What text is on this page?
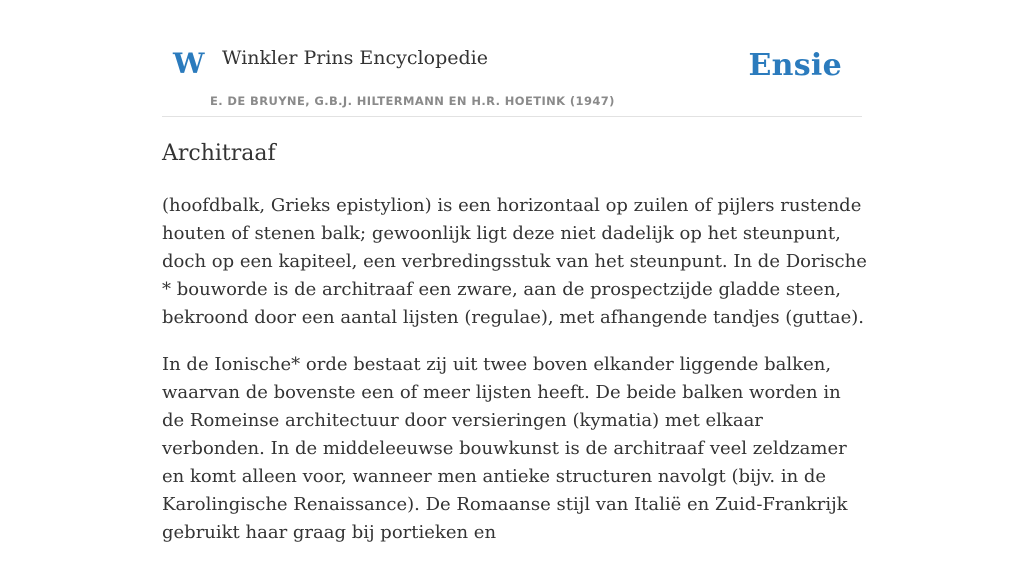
W Winkler Prins Encyclopedie
E. DE BRUYNE, G.B.J. HILTERMANN EN H.R. HOETINK (1947)
Ensie
Architraaf

(hoofdbalk, Grieks epistylion) is een horizontaal op zuilen of pijlers rustende houten of stenen balk; gewoonlijk ligt deze niet dadelijk op het steunpunt, doch op een kapiteel, een verbredingsstuk van het steunpunt. In de Dorische * bouworde is de architraaf een zware, aan de prospectzijde gladde steen, bekroond door een aantal lijsten (regulae), met afhangende tandjes (guttae).

In de Ionische* orde bestaat zij uit twee boven elkander liggende balken, waarvan de bovenste een of meer lijsten heeft. De beide balken worden in de Romeinse architectuur door versieringen (kymatia) met elkaar verbonden. In de middeleeuwse bouwkunst is de architraaf veel zeldzamer en komt alleen voor, wanneer men antieke structuren navolgt (bijv. in de Karolingische Renaissance). De Romaanse stijl van Italië en Zuid-Frankrijk gebruikt haar graag bij portieken en
